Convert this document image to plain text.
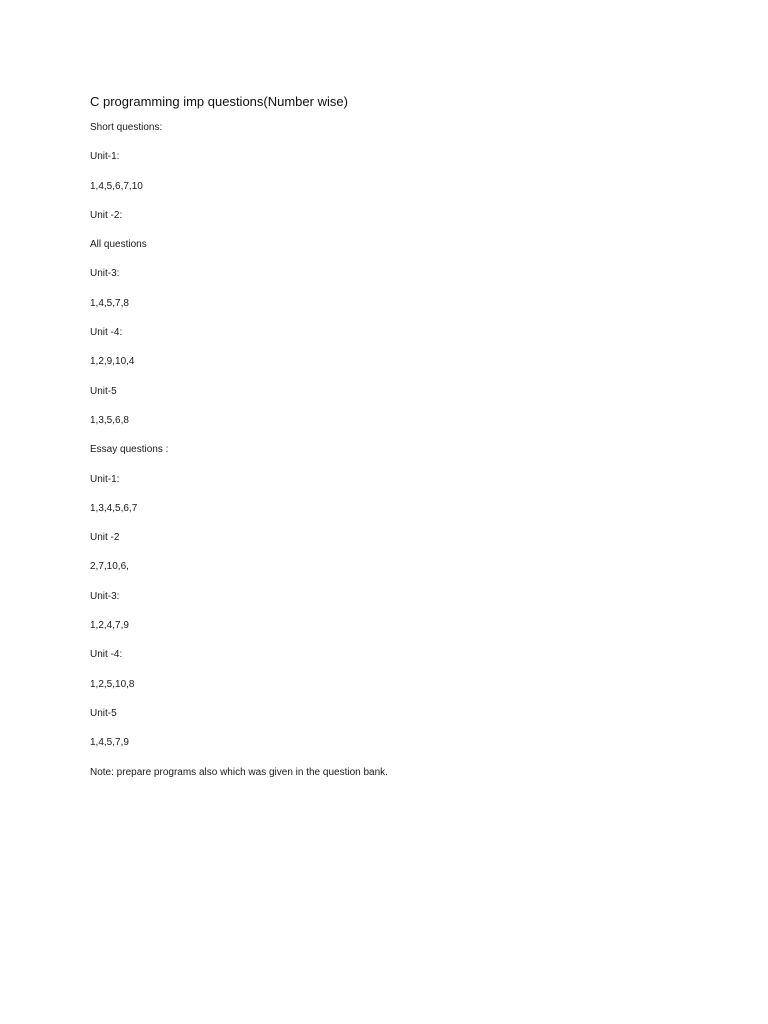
C programming imp questions(Number wise)
Short questions:
Unit-1:
1,4,5,6,7,10
Unit -2:
All questions
Unit-3:
1,4,5,7,8
Unit -4:
1,2,9,10,4
Unit-5
1,3,5,6,8
Essay questions :
Unit-1:
1,3,4,5,6,7
Unit -2
2,7,10,6,
Unit-3:
1,2,4,7,9
Unit -4:
1,2,5,10,8
Unit-5
1,4,5,7,9
Note: prepare programs also which was given in the question bank.
